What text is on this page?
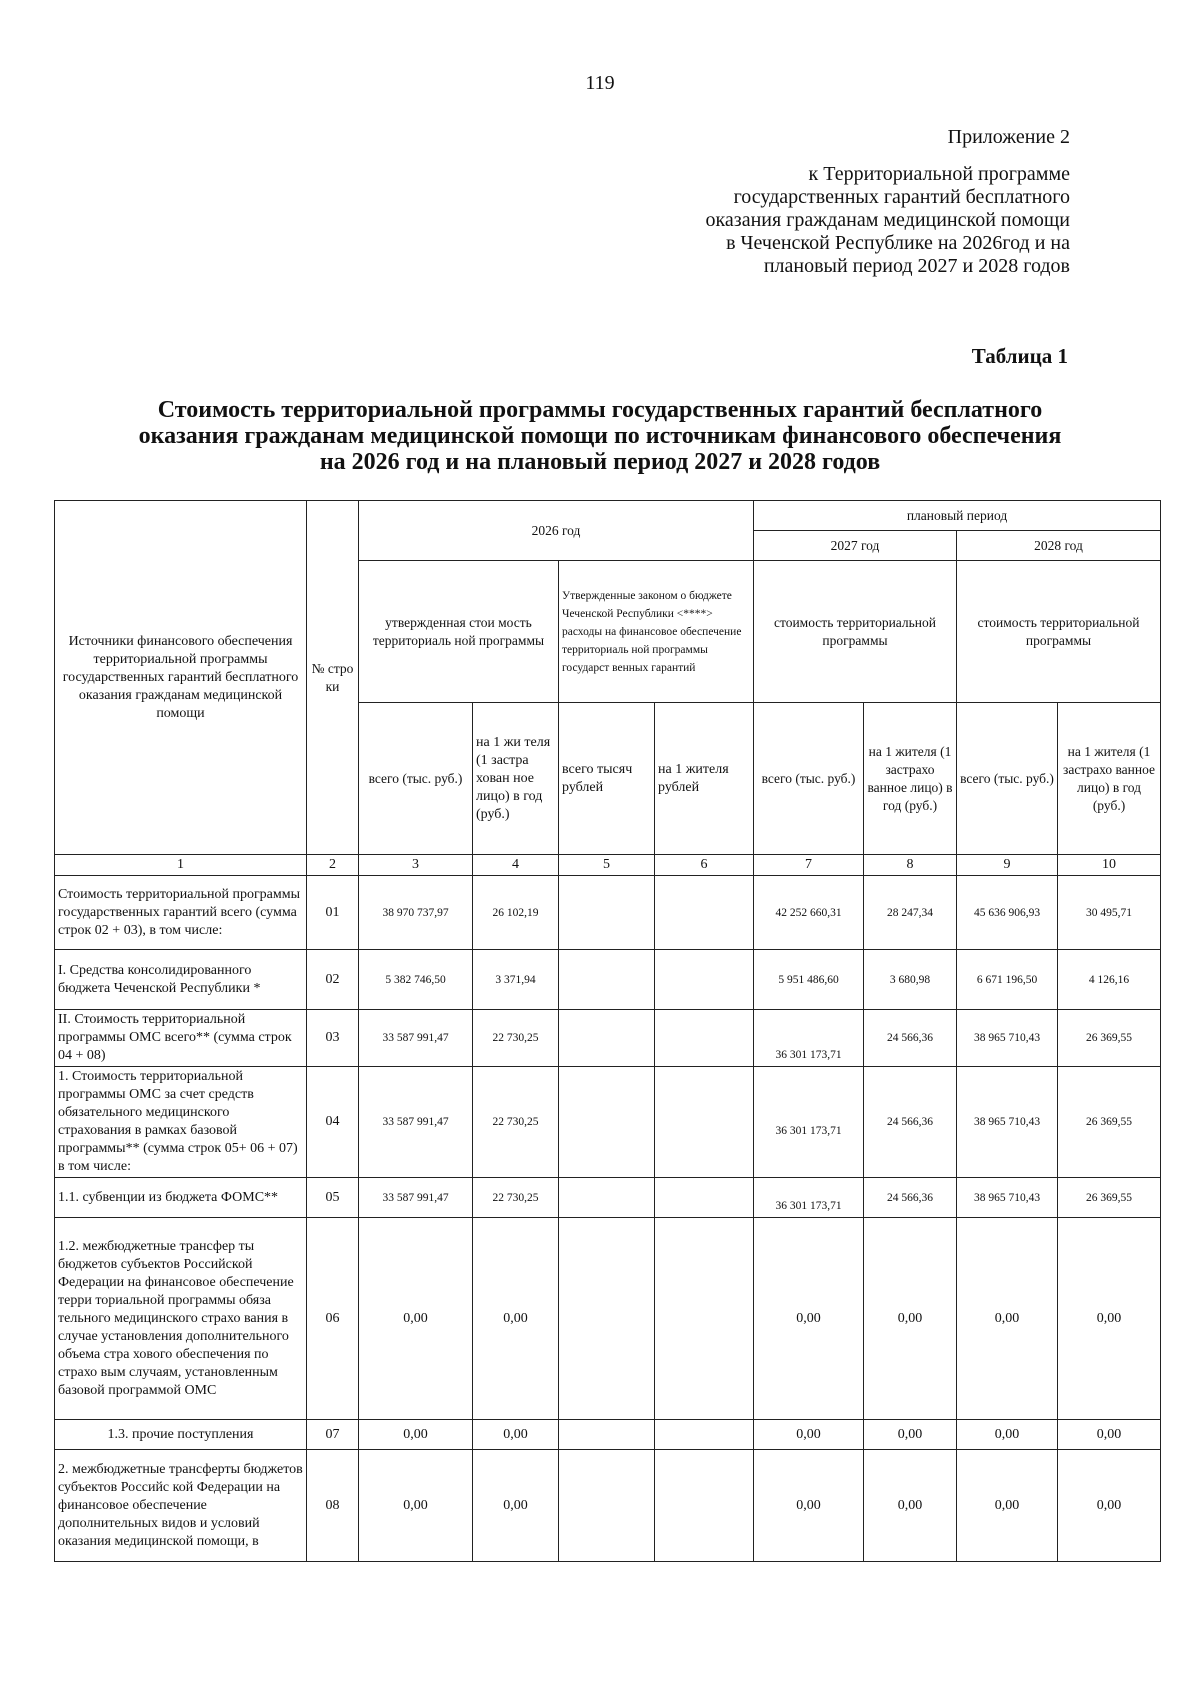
119
Приложение 2
к Территориальной программе
государственных гарантий бесплатного
оказания гражданам медицинской помощи
в Чеченской Республике на 2026год и на
плановый период 2027 и 2028 годов
Таблица 1
Стоимость территориальной программы государственных гарантий бесплатного
оказания гражданам медицинской помощи по источникам финансового обеспечения
на 2026 год и на плановый период 2027 и 2028 годов
Источники финансового обеспечения территориальной программы государственных гарантий бесплатного оказания гражданам медицинской помощи	№ стро ки	2026 год				плановый период			
						2027 год		2028 год	
		утвержденная стои мость территориаль ной программы		Утвержденные законом о бюджете Чеченской Республики <****> расходы на финансовое обеспечение территориаль ной программы государст венных гарантий		стоимость территориальной программы		стоимость территориальной программы	
		всего (тыс. руб.)	на 1 жи теля (1 застра хован ное лицо) в год (руб.)	всего тысяч рублей	на 1 жителя рублей	всего (тыс. руб.)	на 1 жителя (1 застрахо ванное лицо) в год (руб.)	всего (тыс. руб.)	на 1 жителя (1 застрахо ванное лицо) в год (руб.)
1	2	3	4	5	6	7	8	9	10
Стоимость территориальной программы государственных гарантий всего (сумма строк 02 + 03), в том числе:	01	38 970 737,97	26 102,19			42 252 660,31	28 247,34	45 636 906,93	30 495,71
I. Средства консолидированного бюджета Чеченской Республики *	02	5 382 746,50	3 371,94			5 951 486,60	3 680,98	6 671 196,50	4 126,16
II. Стоимость территориальной программы ОМС всего** (сумма строк 04 + 08)	03	33 587 991,47	22 730,25			36 301 173,71	24 566,36	38 965 710,43	26 369,55
1. Стоимость территориальной программы ОМС за счет средств обязательного медицинского страхования в рамках базовой программы** (сумма строк 05+ 06 + 07) в том числе:	04	33 587 991,47	22 730,25			36 301 173,71	24 566,36	38 965 710,43	26 369,55
1.1. субвенции из бюджета ФОМС**	05	33 587 991,47	22 730,25			36 301 173,71	24 566,36	38 965 710,43	26 369,55
1.2. межбюджетные трансфер ты бюджетов субъектов Российской Федерации на финансовое обеспечение терри ториальной программы обяза тельного медицинского страхо вания в случае установления дополнительного объема стра хового обеспечения по страхо вым случаям, установленным базовой программой ОМС	06	0,00	0,00			0,00	0,00	0,00	0,00
1.3. прочие поступления	07	0,00	0,00			0,00	0,00	0,00	0,00
2. межбюджетные трансферты бюджетов субъектов Российс кой Федерации на финансовое обеспечение дополнительных видов и условий оказания медицинской помощи, в	08	0,00	0,00			0,00	0,00	0,00	0,00
